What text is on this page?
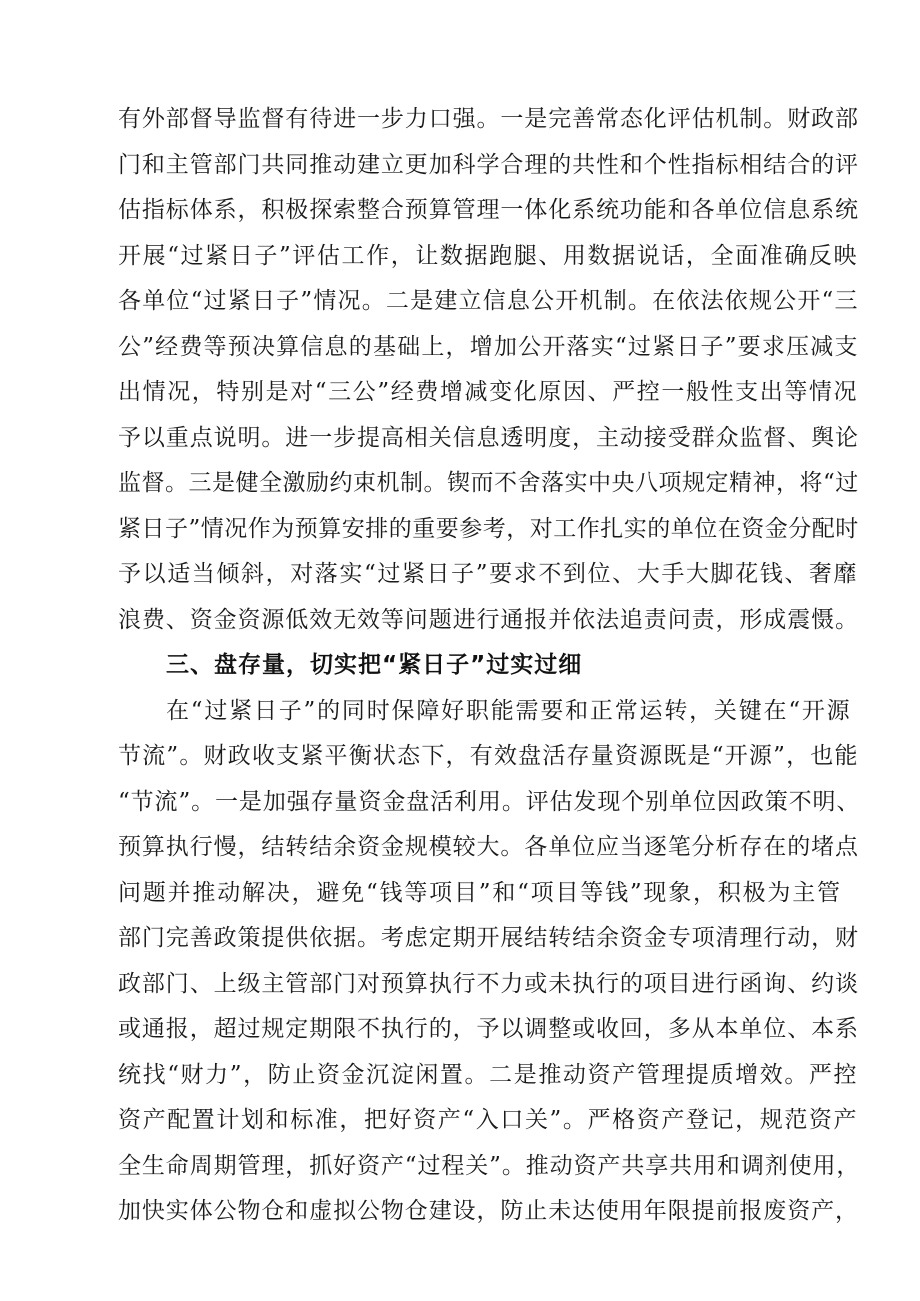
有外部督导监督有待进一步力口强。一是完善常态化评估机制。财政部
门和主管部门共同推动建立更加科学合理的共性和个性指标相结合的评
估指标体系，积极探索整合预算管理一体化系统功能和各单位信息系统
开展“过紧日子”评估工作，让数据跑腿、用数据说话，全面准确反映
各单位“过紧日子”情况。二是建立信息公开机制。在依法依规公开“三
公”经费等预决算信息的基础上，增加公开落实“过紧日子”要求压减支
出情况，特别是对“三公”经费增减变化原因、严控一般性支出等情况
予以重点说明。进一步提高相关信息透明度，主动接受群众监督、舆论
监督。三是健全激励约束机制。锲而不舍落实中央八项规定精神，将“过
紧日子”情况作为预算安排的重要参考，对工作扎实的单位在资金分配时
予以适当倾斜，对落实“过紧日子”要求不到位、大手大脚花钱、奢靡
浪费、资金资源低效无效等问题进行通报并依法追责问责，形成震慑。
三、盘存量，切实把“紧日子”过实过细
在“过紧日子”的同时保障好职能需要和正常运转，关键在“开源
节流”。财政收支紧平衡状态下，有效盘活存量资源既是“开源”，也能
“节流”。一是加强存量资金盘活利用。评估发现个别单位因政策不明、
预算执行慢，结转结余资金规模较大。各单位应当逐笔分析存在的堵点
问题并推动解决，避免“钱等项目”和“项目等钱”现象，积极为主管
部门完善政策提供依据。考虑定期开展结转结余资金专项清理行动，财
政部门、上级主管部门对预算执行不力或未执行的项目进行函询、约谈
或通报，超过规定期限不执行的，予以调整或收回，多从本单位、本系
统找“财力”，防止资金沉淀闲置。二是推动资产管理提质增效。严控
资产配置计划和标准，把好资产“入口关”。严格资产登记，规范资产
全生命周期管理，抓好资产“过程关”。推动资产共享共用和调剂使用，
加快实体公物仓和虚拟公物仓建设，防止未达使用年限提前报废资产，
